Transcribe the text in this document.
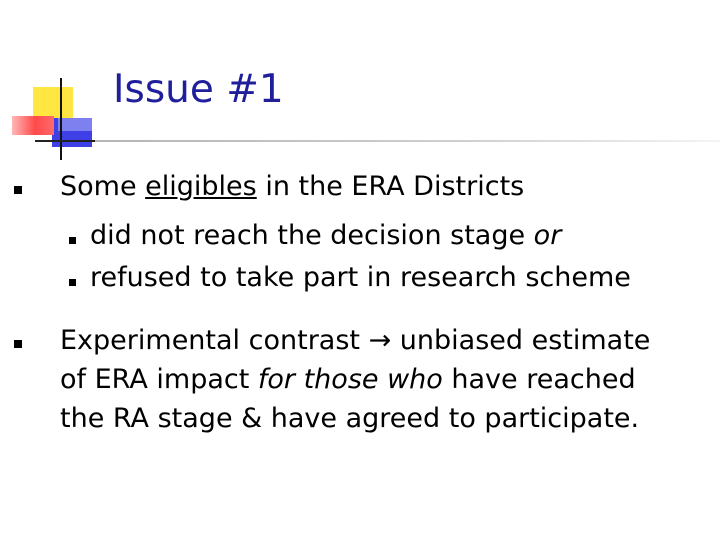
Issue #1
Some eligibles in the ERA Districts
did not reach the decision stage or
refused to take part in research scheme
Experimental contrast → unbiased estimate
of ERA impact for those who have reached
the RA stage & have agreed to participate.
